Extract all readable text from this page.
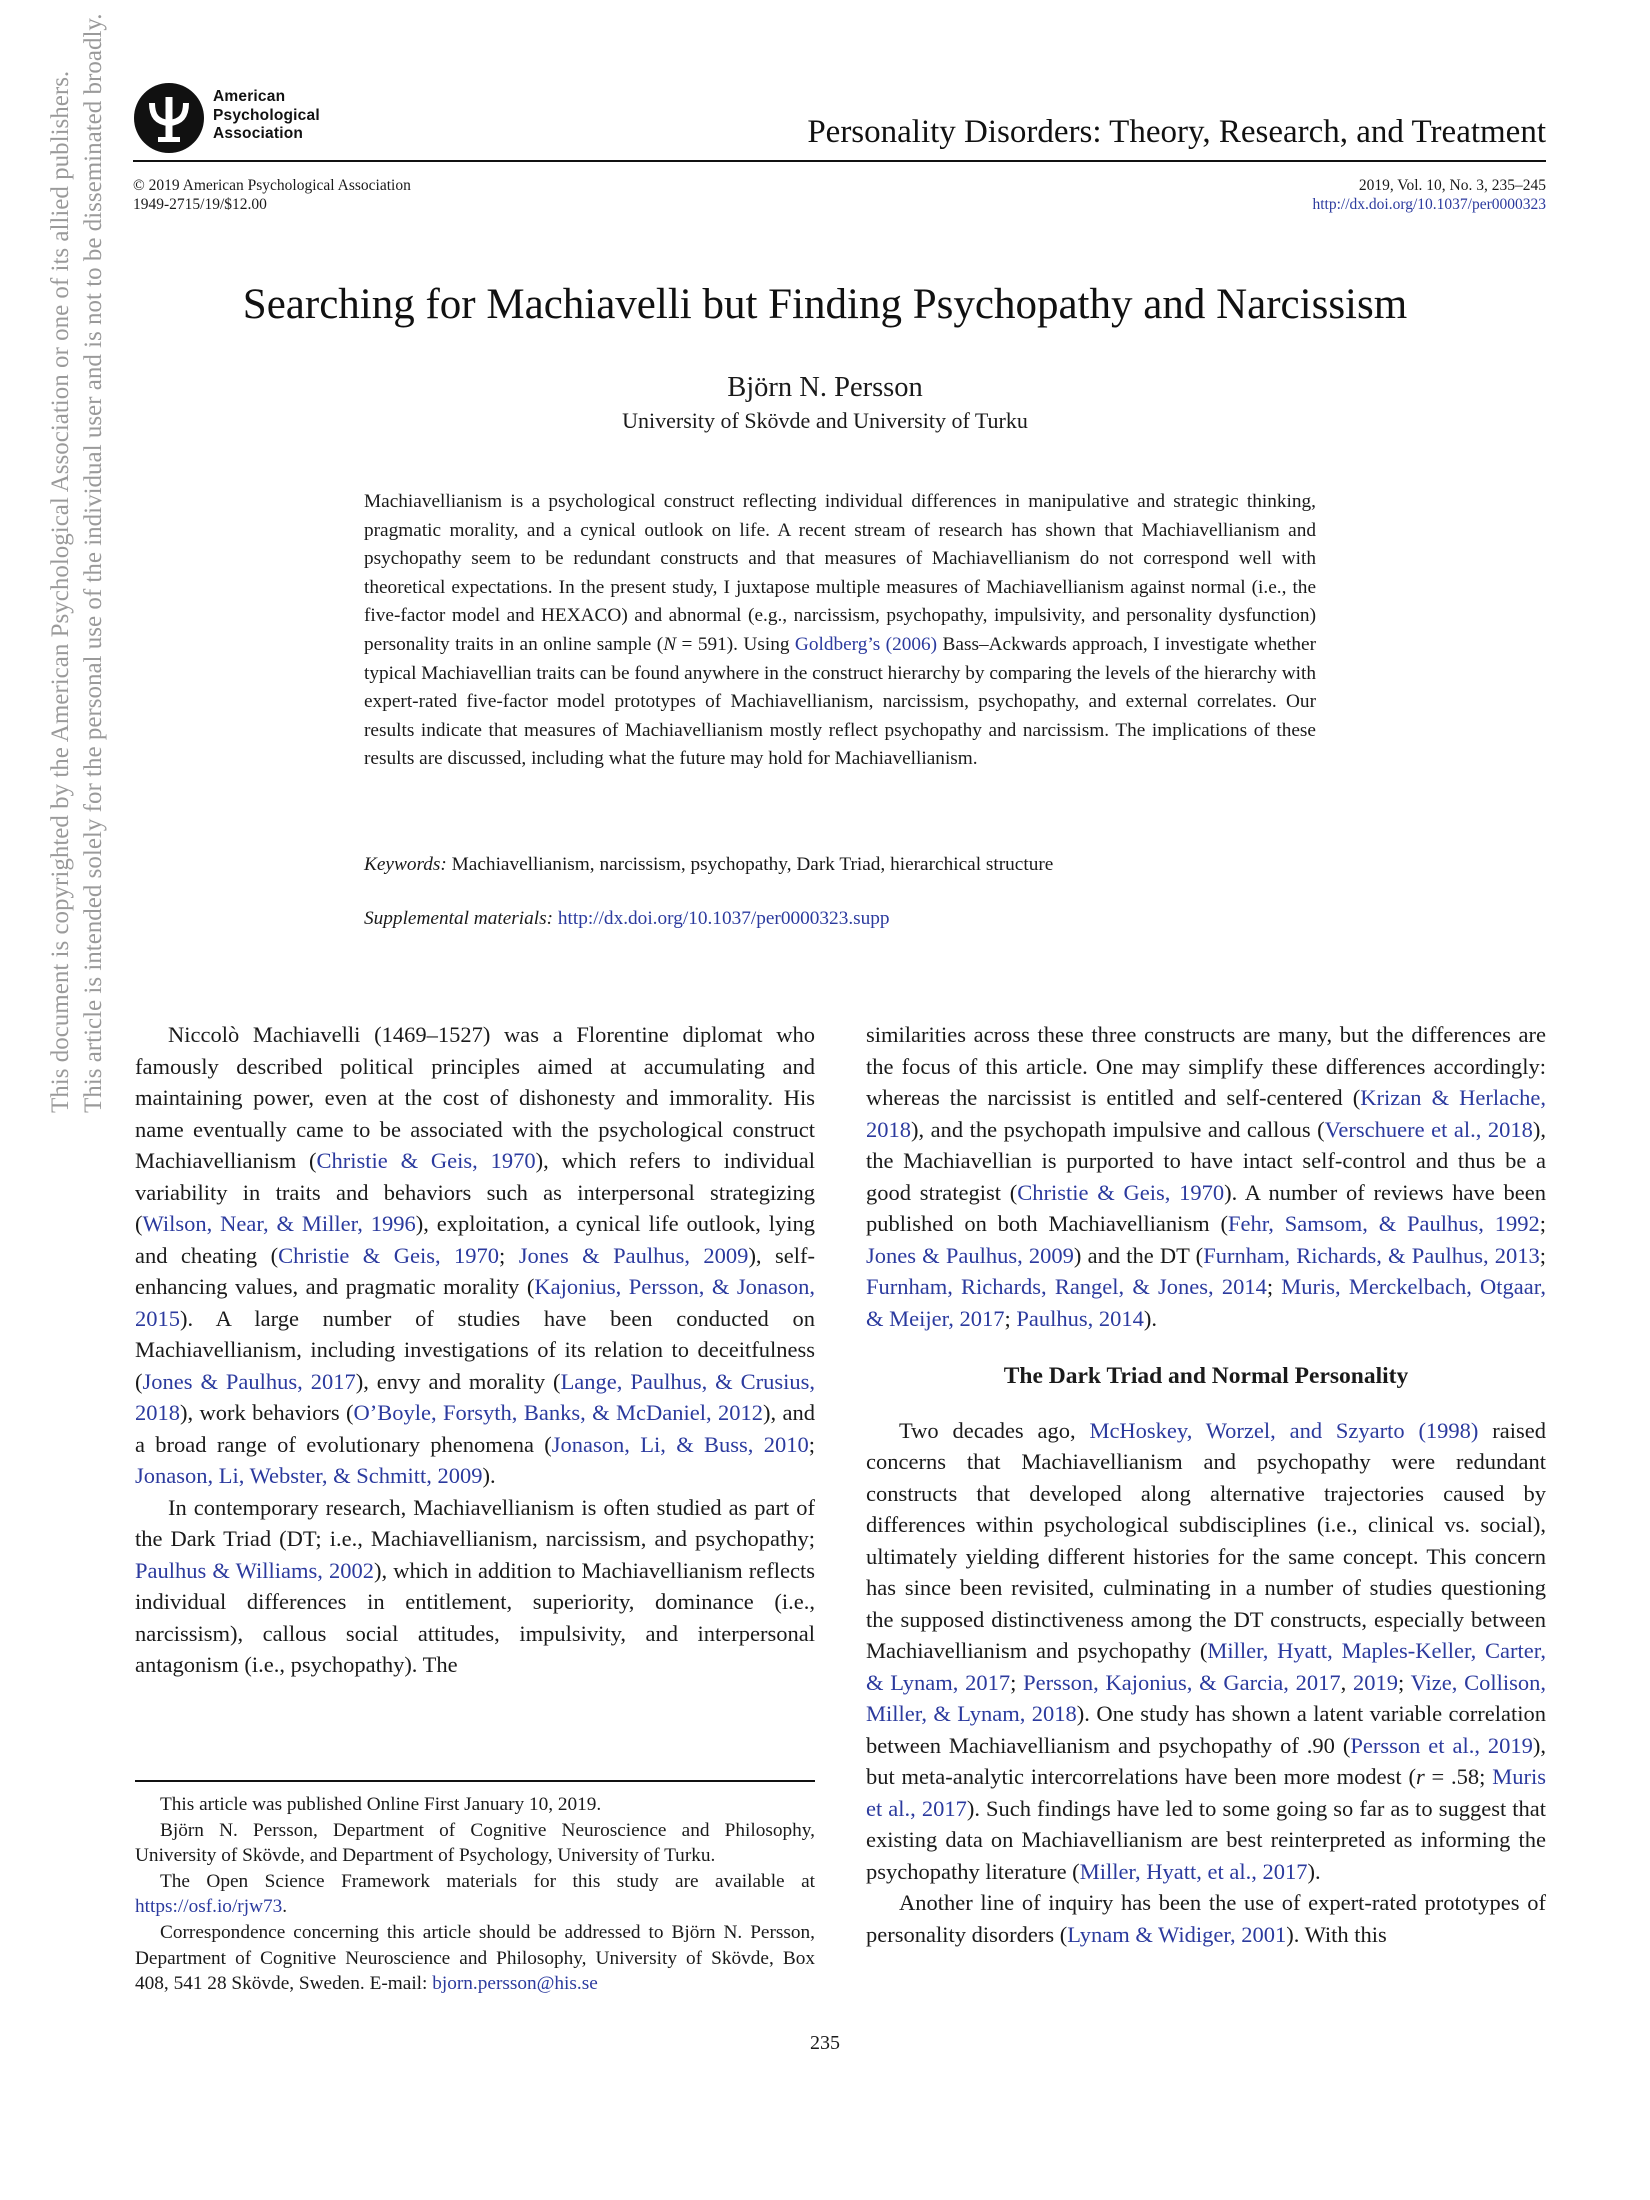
American
Psychological
Association	Personality Disorders: Theory, Research, and Treatment
© 2019 American Psychological Association
1949-2715/19/$12.00
2019, Vol. 10, No. 3, 235–245
http://dx.doi.org/10.1037/per0000323
Searching for Machiavelli but Finding Psychopathy and Narcissism
Björn N. Persson
University of Skövde and University of Turku
Machiavellianism is a psychological construct reflecting individual differences in manipulative and strategic thinking, pragmatic morality, and a cynical outlook on life. A recent stream of research has shown that Machiavellianism and psychopathy seem to be redundant constructs and that measures of Machiavellianism do not correspond well with theoretical expectations. In the present study, I juxtapose multiple measures of Machiavellianism against normal (i.e., the five-factor model and HEXACO) and abnormal (e.g., narcissism, psychopathy, impulsivity, and personality dysfunction) personality traits in an online sample (N = 591). Using Goldberg’s (2006) Bass–Ackwards approach, I investigate whether typical Machiavellian traits can be found anywhere in the construct hierarchy by comparing the levels of the hierarchy with expert-rated five-factor model prototypes of Machiavellianism, narcissism, psychopathy, and external correlates. Our results indicate that measures of Machiavellianism mostly reflect psychopathy and narcissism. The implications of these results are discussed, including what the future may hold for Machiavellianism.
Keywords: Machiavellianism, narcissism, psychopathy, Dark Triad, hierarchical structure
Supplemental materials: http://dx.doi.org/10.1037/per0000323.supp

Niccolò Machiavelli (1469–1527) was a Florentine diplomat who famously described political principles aimed at accumulating and maintaining power, even at the cost of dishonesty and immorality. His name eventually came to be associated with the psychological construct Machiavellianism (Christie & Geis, 1970), which refers to individual variability in traits and behaviors such as interpersonal strategizing (Wilson, Near, & Miller, 1996), exploitation, a cynical life outlook, lying and cheating (Christie & Geis, 1970; Jones & Paulhus, 2009), self-enhancing values, and pragmatic morality (Kajonius, Persson, & Jonason, 2015). A large number of studies have been conducted on Machiavellianism, including investigations of its relation to deceitfulness (Jones & Paulhus, 2017), envy and morality (Lange, Paulhus, & Crusius, 2018), work behaviors (O’Boyle, Forsyth, Banks, & McDaniel, 2012), and a broad range of evolutionary phenomena (Jonason, Li, & Buss, 2010; Jonason, Li, Webster, & Schmitt, 2009).

In contemporary research, Machiavellianism is often studied as part of the Dark Triad (DT; i.e., Machiavellianism, narcissism, and psychopathy; Paulhus & Williams, 2002), which in addition to Machiavellianism reflects individual differences in entitlement, superiority, dominance (i.e., narcissism), callous social attitudes, impulsivity, and interpersonal antagonism (i.e., psychopathy). The

similarities across these three constructs are many, but the differences are the focus of this article. One may simplify these differences accordingly: whereas the narcissist is entitled and self-centered (Krizan & Herlache, 2018), and the psychopath impulsive and callous (Verschuere et al., 2018), the Machiavellian is purported to have intact self-control and thus be a good strategist (Christie & Geis, 1970). A number of reviews have been published on both Machiavellianism (Fehr, Samsom, & Paulhus, 1992; Jones & Paulhus, 2009) and the DT (Furnham, Richards, & Paulhus, 2013; Furnham, Richards, Rangel, & Jones, 2014; Muris, Merckelbach, Otgaar, & Meijer, 2017; Paulhus, 2014).

The Dark Triad and Normal Personality

Two decades ago, McHoskey, Worzel, and Szyarto (1998) raised concerns that Machiavellianism and psychopathy were redundant constructs that developed along alternative trajectories caused by differences within psychological subdisciplines (i.e., clinical vs. social), ultimately yielding different histories for the same concept. This concern has since been revisited, culminating in a number of studies questioning the supposed distinctiveness among the DT constructs, especially between Machiavellianism and psychopathy (Miller, Hyatt, Maples-Keller, Carter, & Lynam, 2017; Persson, Kajonius, & Garcia, 2017, 2019; Vize, Collison, Miller, & Lynam, 2018). One study has shown a latent variable correlation between Machiavellianism and psychopathy of .90 (Persson et al., 2019), but meta-analytic intercorrelations have been more modest (r = .58; Muris et al., 2017). Such findings have led to some going so far as to suggest that existing data on Machiavellianism are best reinterpreted as informing the psychopathy literature (Miller, Hyatt, et al., 2017).

Another line of inquiry has been the use of expert-rated prototypes of personality disorders (Lynam & Widiger, 2001). With this

This article was published Online First January 10, 2019.

Björn N. Persson, Department of Cognitive Neuroscience and Philosophy, University of Skövde, and Department of Psychology, University of Turku.

The Open Science Framework materials for this study are available at https://osf.io/rjw73.

Correspondence concerning this article should be addressed to Björn N. Persson, Department of Cognitive Neuroscience and Philosophy, University of Skövde, Box 408, 541 28 Skövde, Sweden. E-mail: bjorn.persson@his.se

235
This document is copyrighted by the American Psychological Association or one of its allied publishers. This article is intended solely for the personal use of the individual user and is not to be disseminated broadly.
